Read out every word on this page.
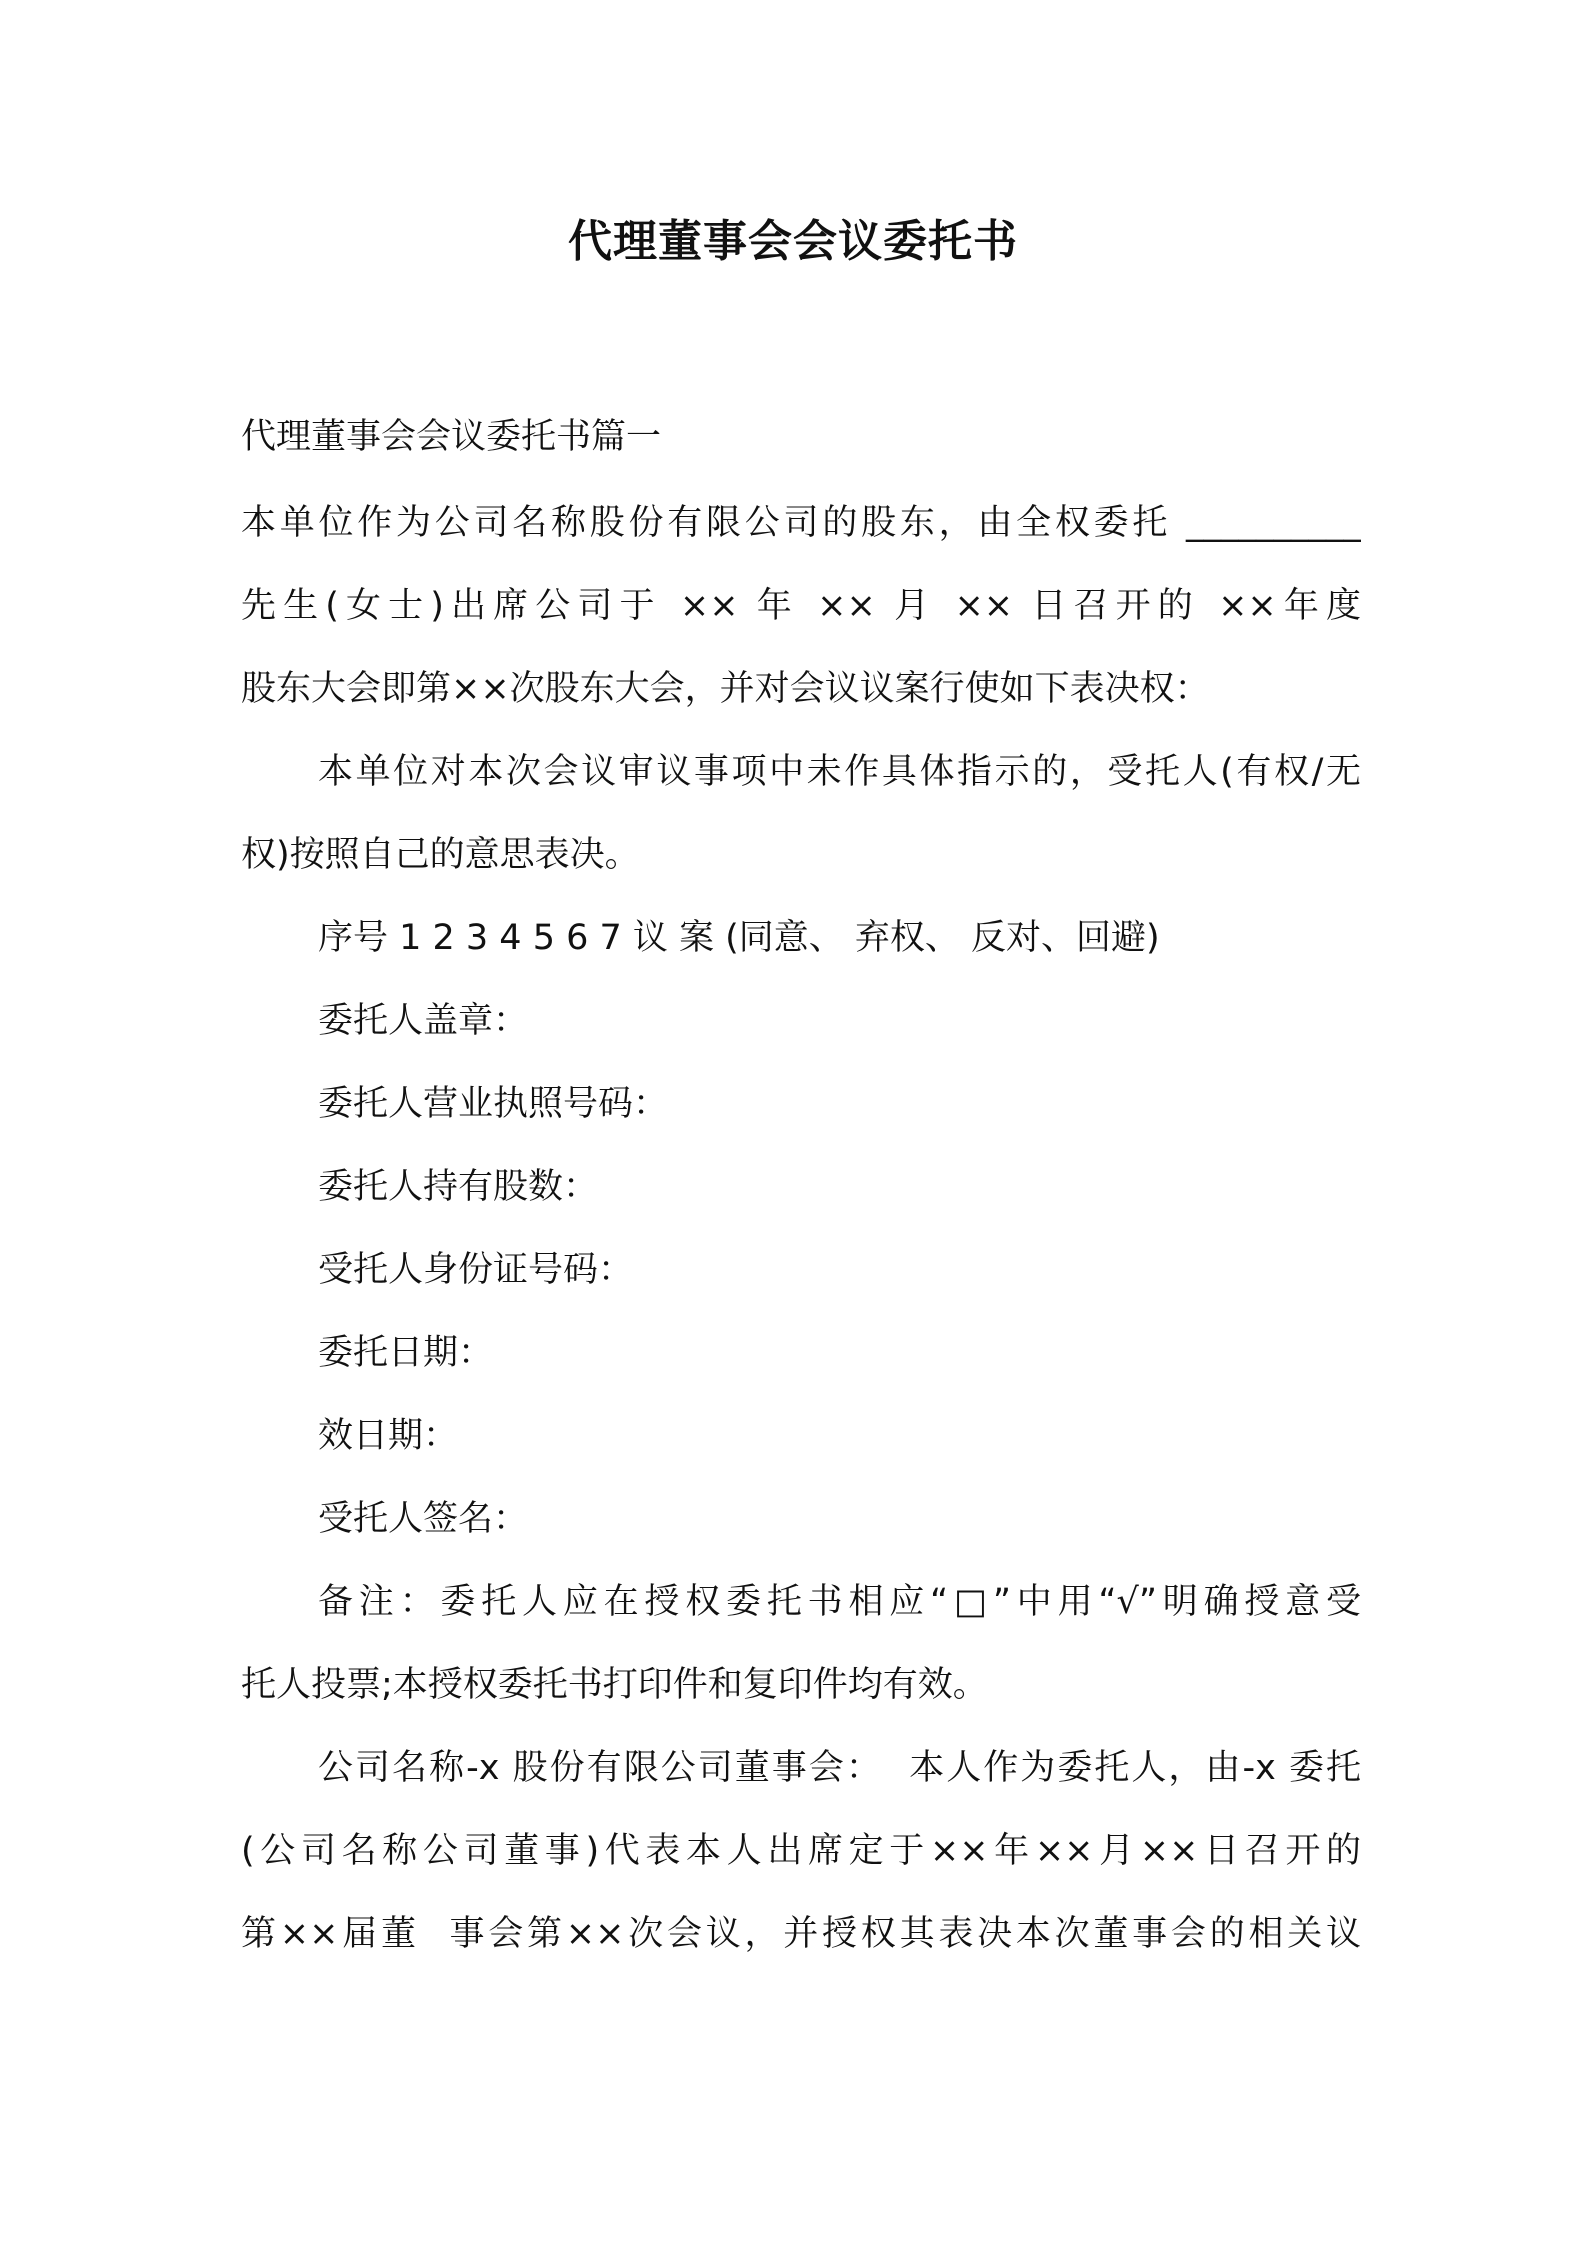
代理董事会会议委托书
代理董事会会议委托书篇一
本单位作为公司名称股份有限公司的股东，由全权委托 __________
先生(女士)出席公司于 ×× 年 ×× 月 ×× 日召开的 ××年度
股东大会即第××次股东大会，并对会议议案行使如下表决权：
本单位对本次会议审议事项中未作具体指示的，受托人(有权/无
权)按照自己的意思表决。
序号 1 2 3 4 5 6 7 议 案 (同意、 弃权、 反对、回避)
委托人盖章：
委托人营业执照号码：
委托人持有股数：
受托人身份证号码：
委托日期：
效日期：
受托人签名：
备注：委托人应在授权委托书相应“□”中用“√”明确授意受
托人投票;本授权委托书打印件和复印件均有效。
公司名称-x 股份有限公司董事会：  本人作为委托人，由-x 委托
(公司名称公司董事)代表本人出席定于××年××月××日召开的
第××届董  事会第××次会议，并授权其表决本次董事会的相关议
